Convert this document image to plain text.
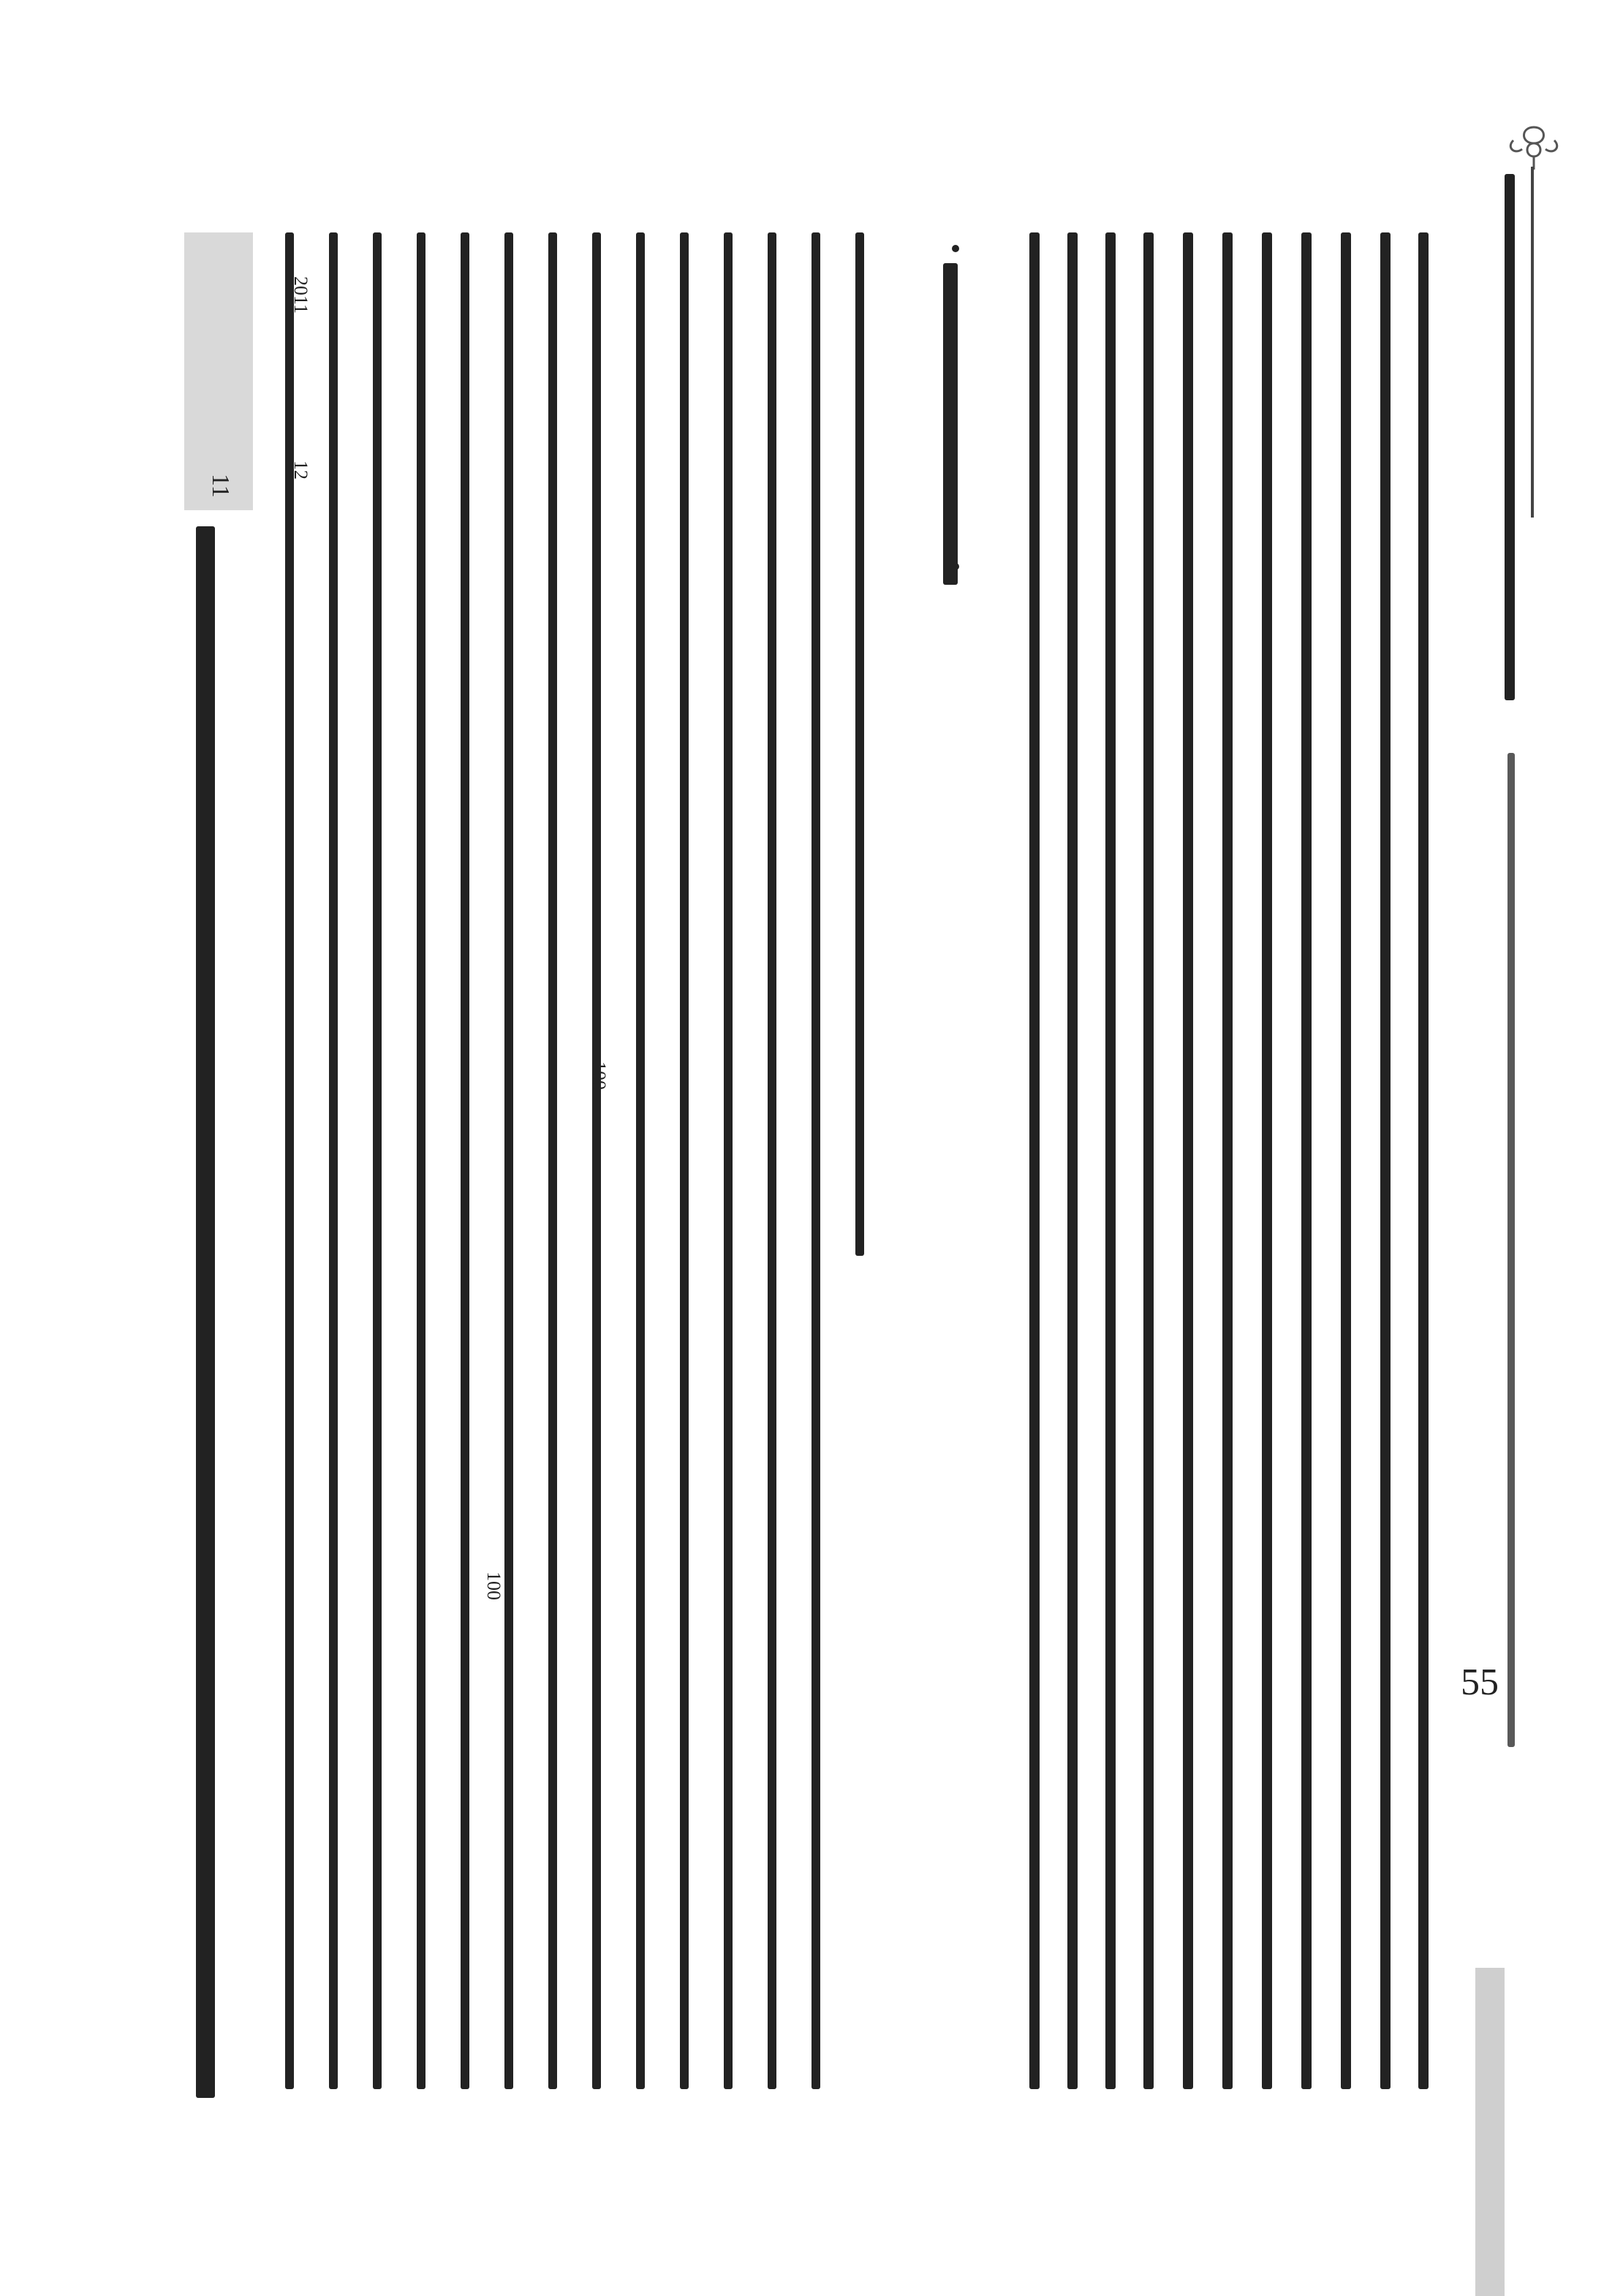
11
100
100
2011
12
55
